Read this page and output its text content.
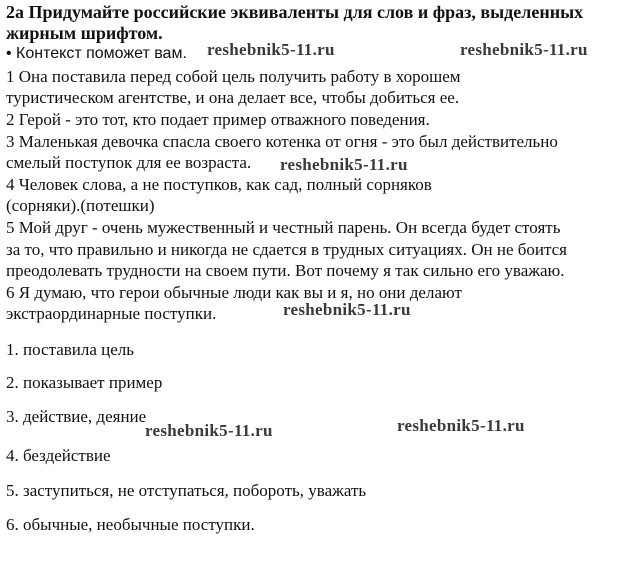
2а Придумайте российские эквиваленты для слов и фраз, выделенных жирным шрифтом.
• Контекст поможет вам.
1 Она поставила перед собой цель получить работу в хорошем
туристическом агентстве, и она делает все, чтобы добиться ее.
2 Герой - это тот, кто подает пример отважного поведения.
3 Маленькая девочка спасла своего котенка от огня - это был действительно
смелый поступок для ее возраста.
4 Человек слова, а не поступков, как сад, полный сорняков
(сорняки).(потешки)
5 Мой друг - очень мужественный и честный парень. Он всегда будет стоять
за то, что правильно и никогда не сдается в трудных ситуациях. Он не боится
преодолевать трудности на своем пути. Вот почему я так сильно его уважаю.
6 Я думаю, что герои обычные люди как вы и я, но они делают
экстраординарные поступки.
1. поставила цель
2. показывает пример
3. действие, деяние
4. бездействие
5. заступиться, не отступаться, побороть, уважать
6. обычные, необычные поступки.
reshebnik5-11.ru	reshebnik5-11.ru
reshebnik5-11.ru
reshebnik5-11.ru
reshebnik5-11.ru	reshebnik5-11.ru
